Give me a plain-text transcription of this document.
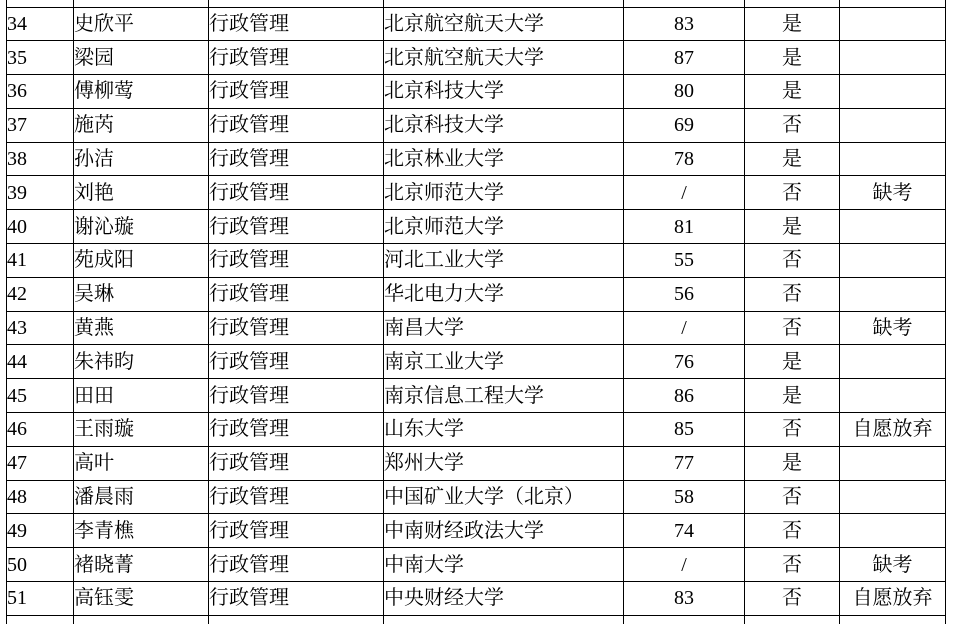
34	史欣平	行政管理	北京航空航天大学	83	是	
35	梁园	行政管理	北京航空航天大学	87	是	
36	傅柳莺	行政管理	北京科技大学	80	是	
37	施芮	行政管理	北京科技大学	69	否	
38	孙洁	行政管理	北京林业大学	78	是	
39	刘艳	行政管理	北京师范大学	/	否	缺考
40	谢沁璇	行政管理	北京师范大学	81	是	
41	苑成阳	行政管理	河北工业大学	55	否	
42	吴琳	行政管理	华北电力大学	56	否	
43	黄燕	行政管理	南昌大学	/	否	缺考
44	朱祎昀	行政管理	南京工业大学	76	是	
45	田田	行政管理	南京信息工程大学	86	是	
46	王雨璇	行政管理	山东大学	85	否	自愿放弃
47	高叶	行政管理	郑州大学	77	是	
48	潘晨雨	行政管理	中国矿业大学（北京）	58	否	
49	李青樵	行政管理	中南财经政法大学	74	否	
50	褚晓菁	行政管理	中南大学	/	否	缺考
51	高钰雯	行政管理	中央财经大学	83	否	自愿放弃
